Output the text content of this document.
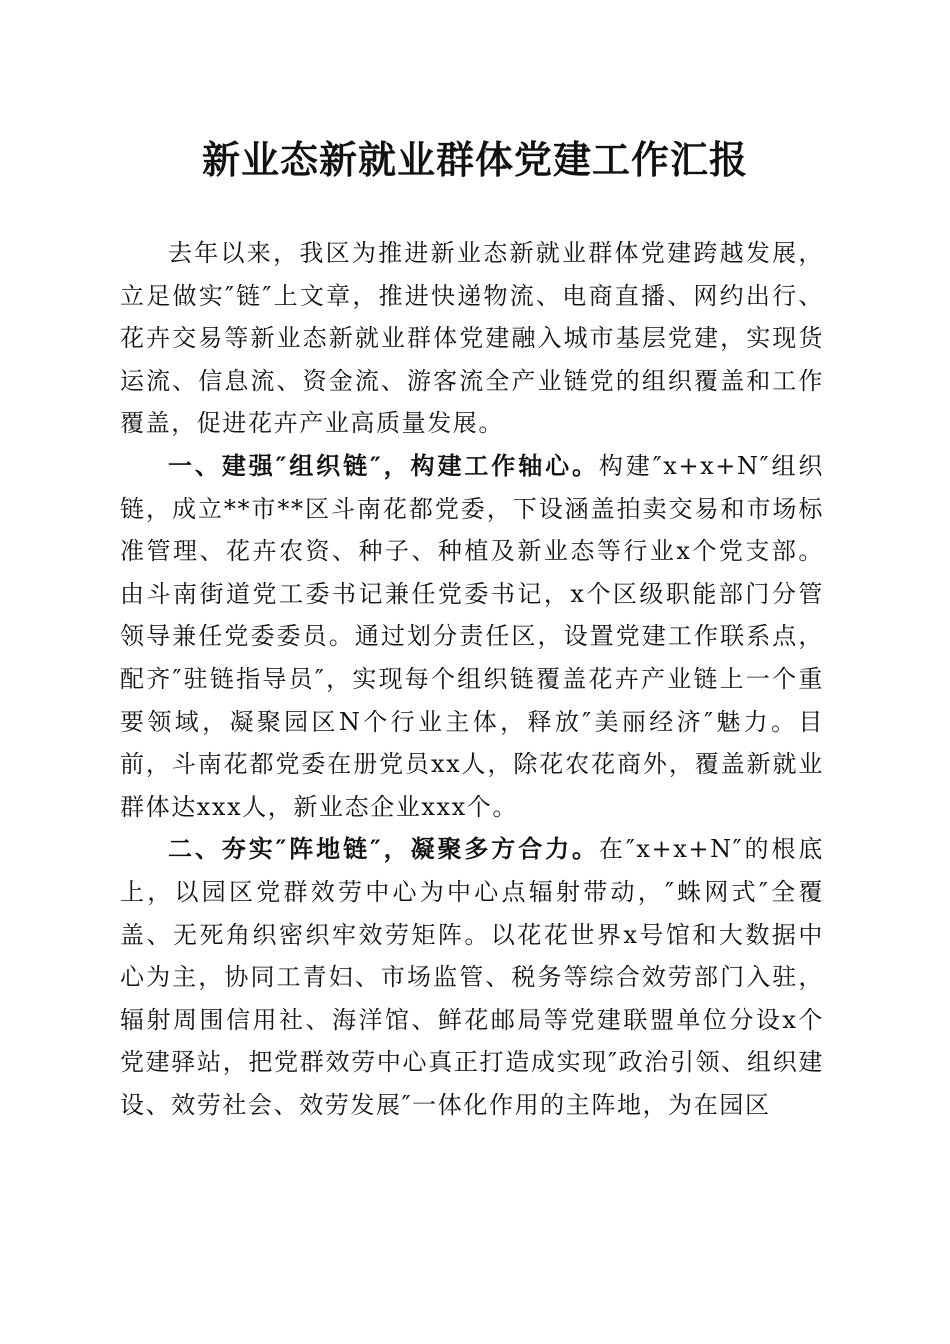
新业态新就业群体党建工作汇报

去年以来，我区为推进新业态新就业群体党建跨越发展，立足做实″链″上文章，推进快递物流、电商直播、网约出行、花卉交易等新业态新就业群体党建融入城市基层党建，实现货运流、信息流、资金流、游客流全产业链党的组织覆盖和工作覆盖，促进花卉产业高质量发展。

一、建强″组织链″，构建工作轴心。构建″x+x+N″组织链，成立**市**区斗南花都党委，下设涵盖拍卖交易和市场标准管理、花卉农资、种子、种植及新业态等行业x个党支部。由斗南街道党工委书记兼任党委书记，x个区级职能部门分管领导兼任党委委员。通过划分责任区，设置党建工作联系点，配齐″驻链指导员″，实现每个组织链覆盖花卉产业链上一个重要领域，凝聚园区N个行业主体，释放″美丽经济″魅力。目前，斗南花都党委在册党员xx人，除花农花商外，覆盖新就业群体达xxx人，新业态企业xxx个。

二、夯实″阵地链″，凝聚多方合力。在″x+x+N″的根底上，以园区党群效劳中心为中心点辐射带动，″蛛网式″全覆盖、无死角织密织牢效劳矩阵。以花花世界x号馆和大数据中心为主，协同工青妇、市场监管、税务等综合效劳部门入驻，辐射周围信用社、海洋馆、鲜花邮局等党建联盟单位分设x个党建驿站，把党群效劳中心真正打造成实现″政治引领、组织建设、效劳社会、效劳发展″一体化作用的主阵地，为在园区
